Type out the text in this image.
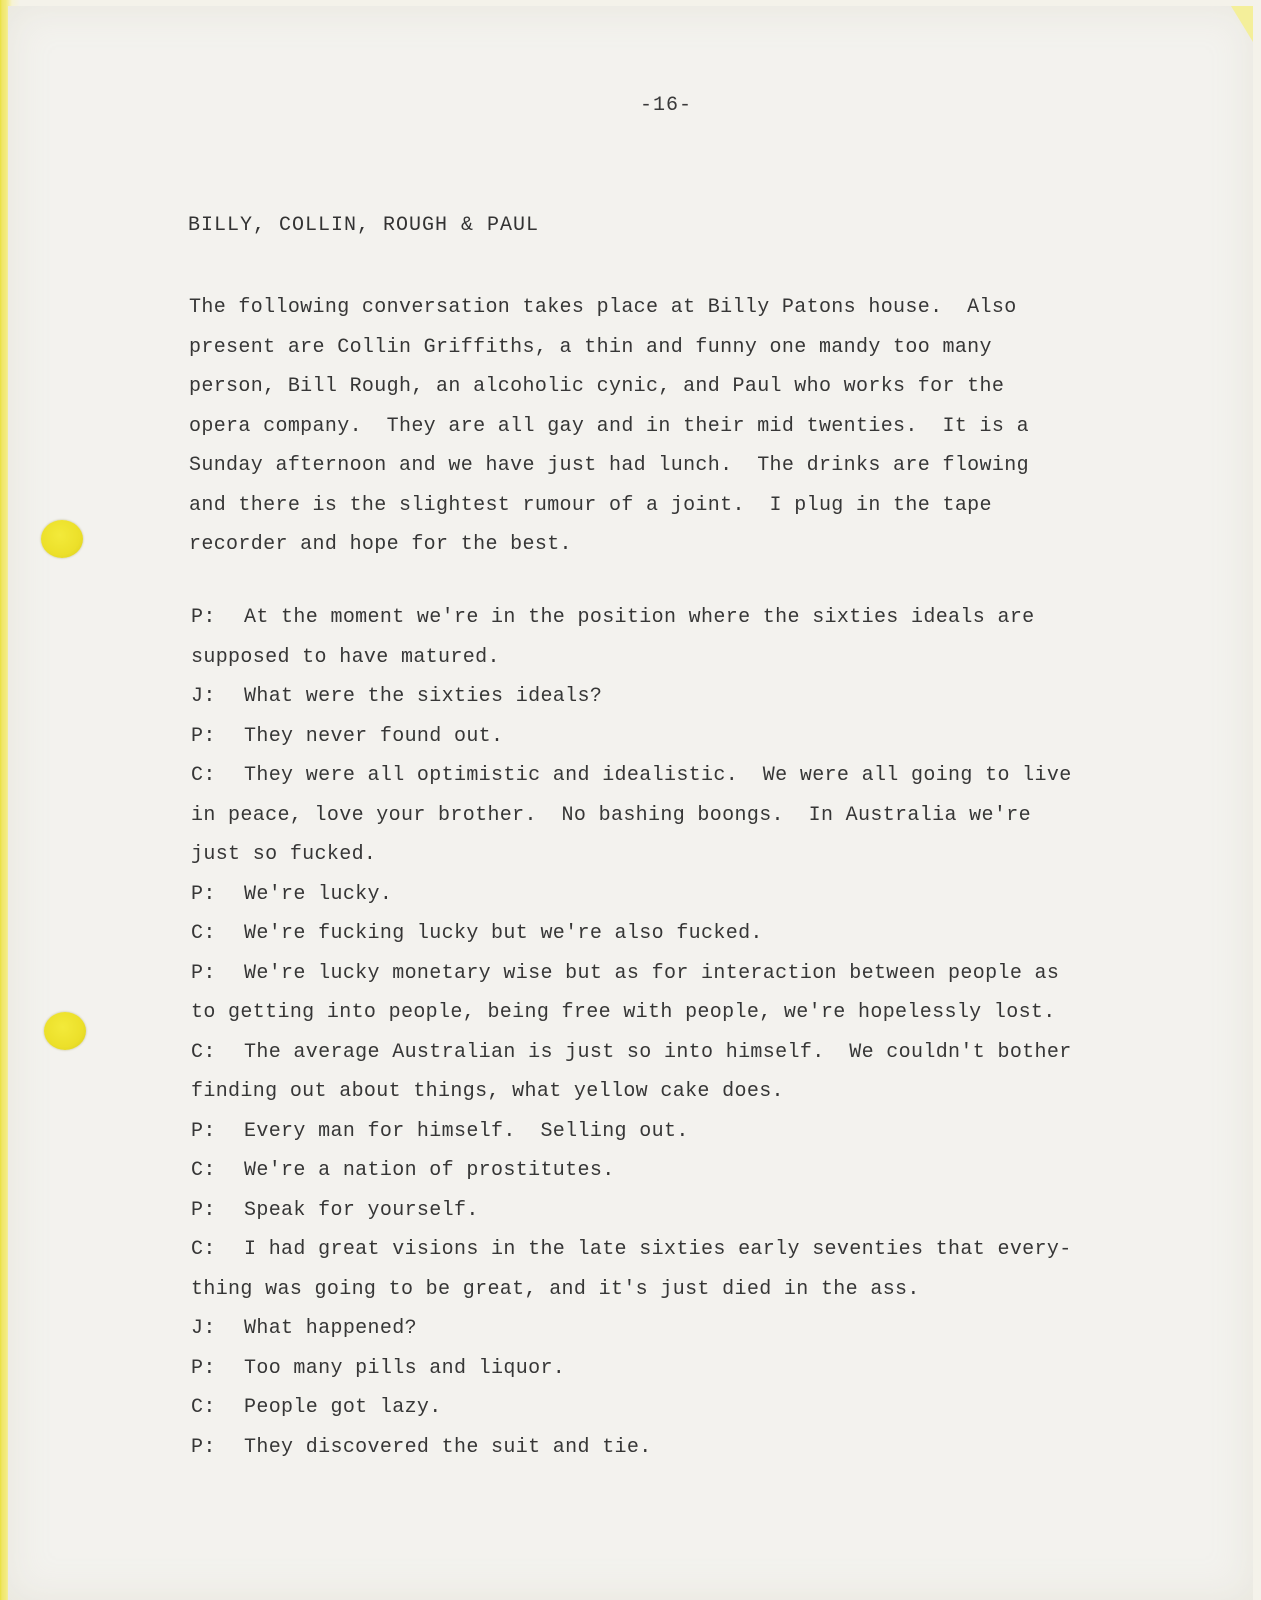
-16-
BILLY, COLLIN, ROUGH & PAUL
The following conversation takes place at Billy Patons house.  Also
present are Collin Griffiths, a thin and funny one mandy too many
person, Bill Rough, an alcoholic cynic, and Paul who works for the
opera company.  They are all gay and in their mid twenties.  It is a
Sunday afternoon and we have just had lunch.  The drinks are flowing
and there is the slightest rumour of a joint.  I plug in the tape
recorder and hope for the best.
P: At the moment we're in the position where the sixties ideals are
supposed to have matured.
J: What were the sixties ideals?
P: They never found out.
C: They were all optimistic and idealistic.  We were all going to live
in peace, love your brother.  No bashing boongs.  In Australia we're
just so fucked.
P: We're lucky.
C: We're fucking lucky but we're also fucked.
P: We're lucky monetary wise but as for interaction between people as
to getting into people, being free with people, we're hopelessly lost.
C: The average Australian is just so into himself.  We couldn't bother
finding out about things, what yellow cake does.
P: Every man for himself.  Selling out.
C: We're a nation of prostitutes.
P: Speak for yourself.
C: I had great visions in the late sixties early seventies that every-
thing was going to be great, and it's just died in the ass.
J: What happened?
P: Too many pills and liquor.
C: People got lazy.
P: They discovered the suit and tie.
